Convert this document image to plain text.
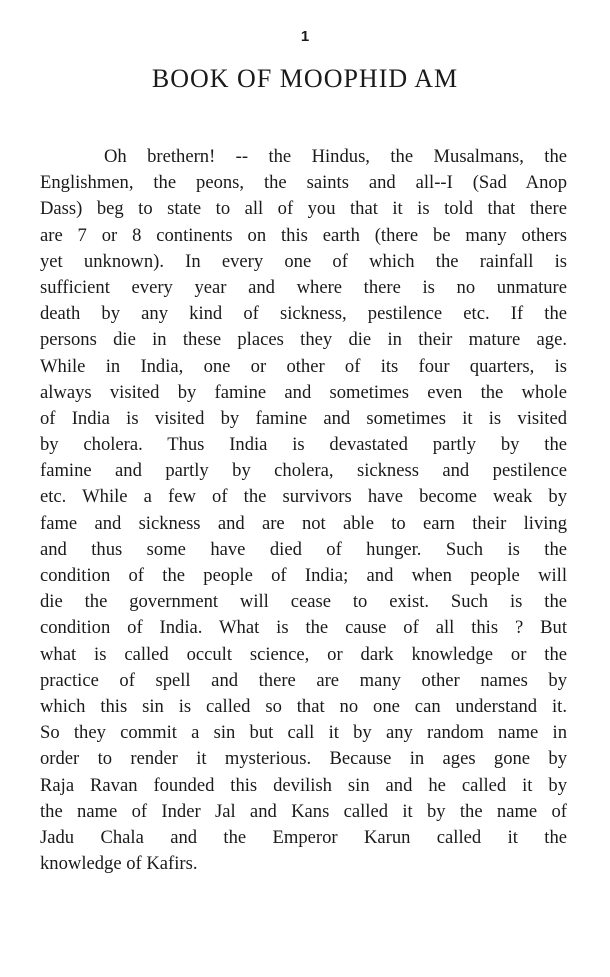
1
BOOK OF MOOPHID AM
Oh brethern! -- the Hindus, the Musalmans, the
Englishmen, the peons, the saints and all--I (Sad Anop
Dass) beg to state to all of you that it is told that there
are 7 or 8 continents on this earth (there be many others
yet unknown). In every one of which the rainfall is
sufficient every year and where there is no unmature
death by any kind of sickness, pestilence etc. If the
persons die in these places they die in their mature age.
While in India, one or other of its four quarters, is
always visited by famine and sometimes even the whole
of India is visited by famine and sometimes it is visited
by cholera. Thus India is devastated partly by the
famine and partly by cholera, sickness and pestilence
etc. While a few of the survivors have become weak by
fame and sickness and are not able to earn their living
and thus some have died of hunger. Such is the
condition of the people of India; and when people will
die the government will cease to exist. Such is the
condition of India. What is the cause of all this ? But
what is called occult science, or dark knowledge or the
practice of spell and there are many other names by
which this sin is called so that no one can understand it.
So they commit a sin but call it by any random name in
order to render it mysterious. Because in ages gone by
Raja Ravan founded this devilish sin and he called it by
the name of Inder Jal and Kans called it by the name of
Jadu Chala and the Emperor Karun called it the
knowledge of Kafirs.
